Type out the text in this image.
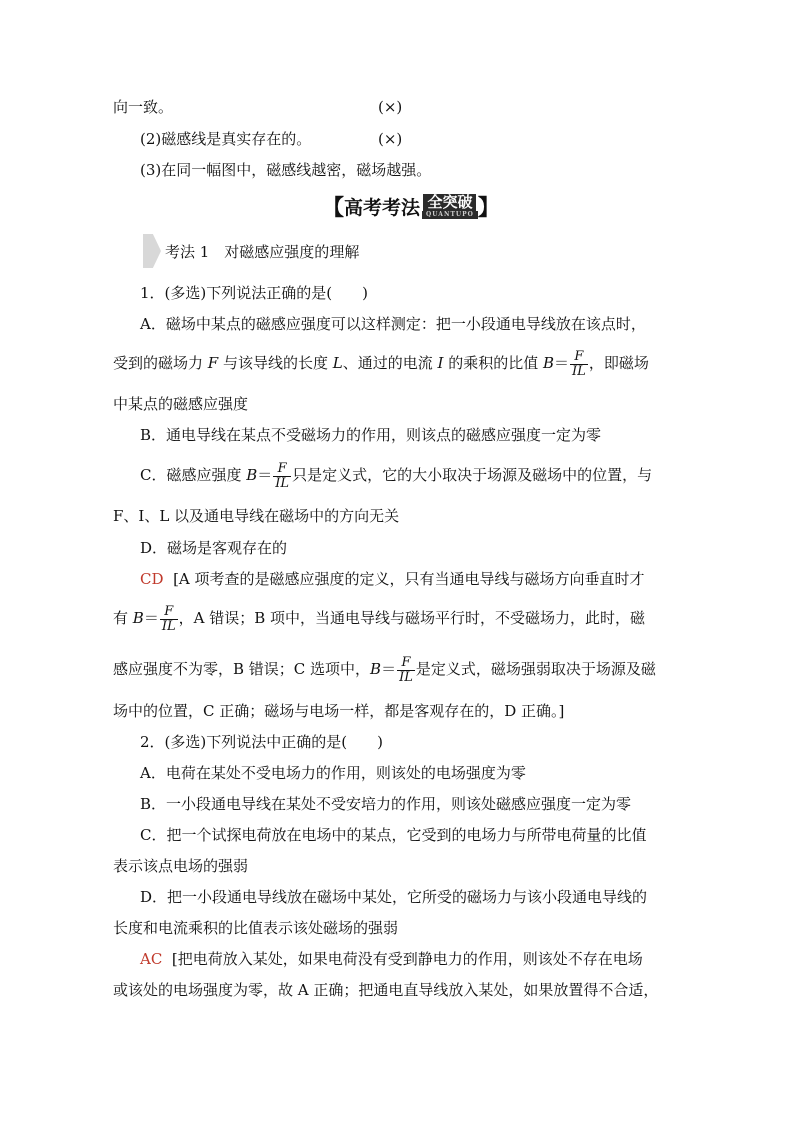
向一致。	(×)
(2)磁感线是真实存在的。	(×)
(3)在同一幅图中，磁感线越密，磁场越强。
【 高考考法 全突破
QUANTUPO 】
考法 1　对磁感应强度的理解
1．(多选)下列说法正确的是(　　)
A．磁场中某点的磁感应强度可以这样测定：把一小段通电导线放在该点时，
受到的磁场力 F 与该导线的长度 L、通过的电流 I 的乘积的比值 $B= \frac{F}{IL}$ ，即磁场
中某点的磁感应强度
B．通电导线在某点不受磁场力的作用，则该点的磁感应强度一定为零
C．磁感应强度 $B= \frac{F}{IL}$ 只是定义式，它的大小取决于场源及磁场中的位置，与
F、I、L 以及通电导线在磁场中的方向无关
D．磁场是客观存在的
CD [A 项考查的是磁感应强度的定义，只有当通电导线与磁场方向垂直时才
有 $B= \frac{F}{IL}$ ，A 错误；B 项中，当通电导线与磁场平行时，不受磁场力，此时，磁
感应强度不为零，B 错误；C 选项中，$B= \frac{F}{IL}$ 是定义式，磁场强弱取决于场源及磁
场中的位置，C 正确；磁场与电场一样，都是客观存在的，D 正确。]
2．(多选)下列说法中正确的是(　　)
A．电荷在某处不受电场力的作用，则该处的电场强度为零
B．一小段通电导线在某处不受安培力的作用，则该处磁感应强度一定为零
C．把一个试探电荷放在电场中的某点，它受到的电场力与所带电荷量的比值
表示该点电场的强弱
D．把一小段通电导线放在磁场中某处，它所受的磁场力与该小段通电导线的
长度和电流乘积的比值表示该处磁场的强弱
AC [把电荷放入某处，如果电荷没有受到静电力的作用，则该处不存在电场
或该处的电场强度为零，故 A 正确；把通电直导线放入某处，如果放置得不合适，
